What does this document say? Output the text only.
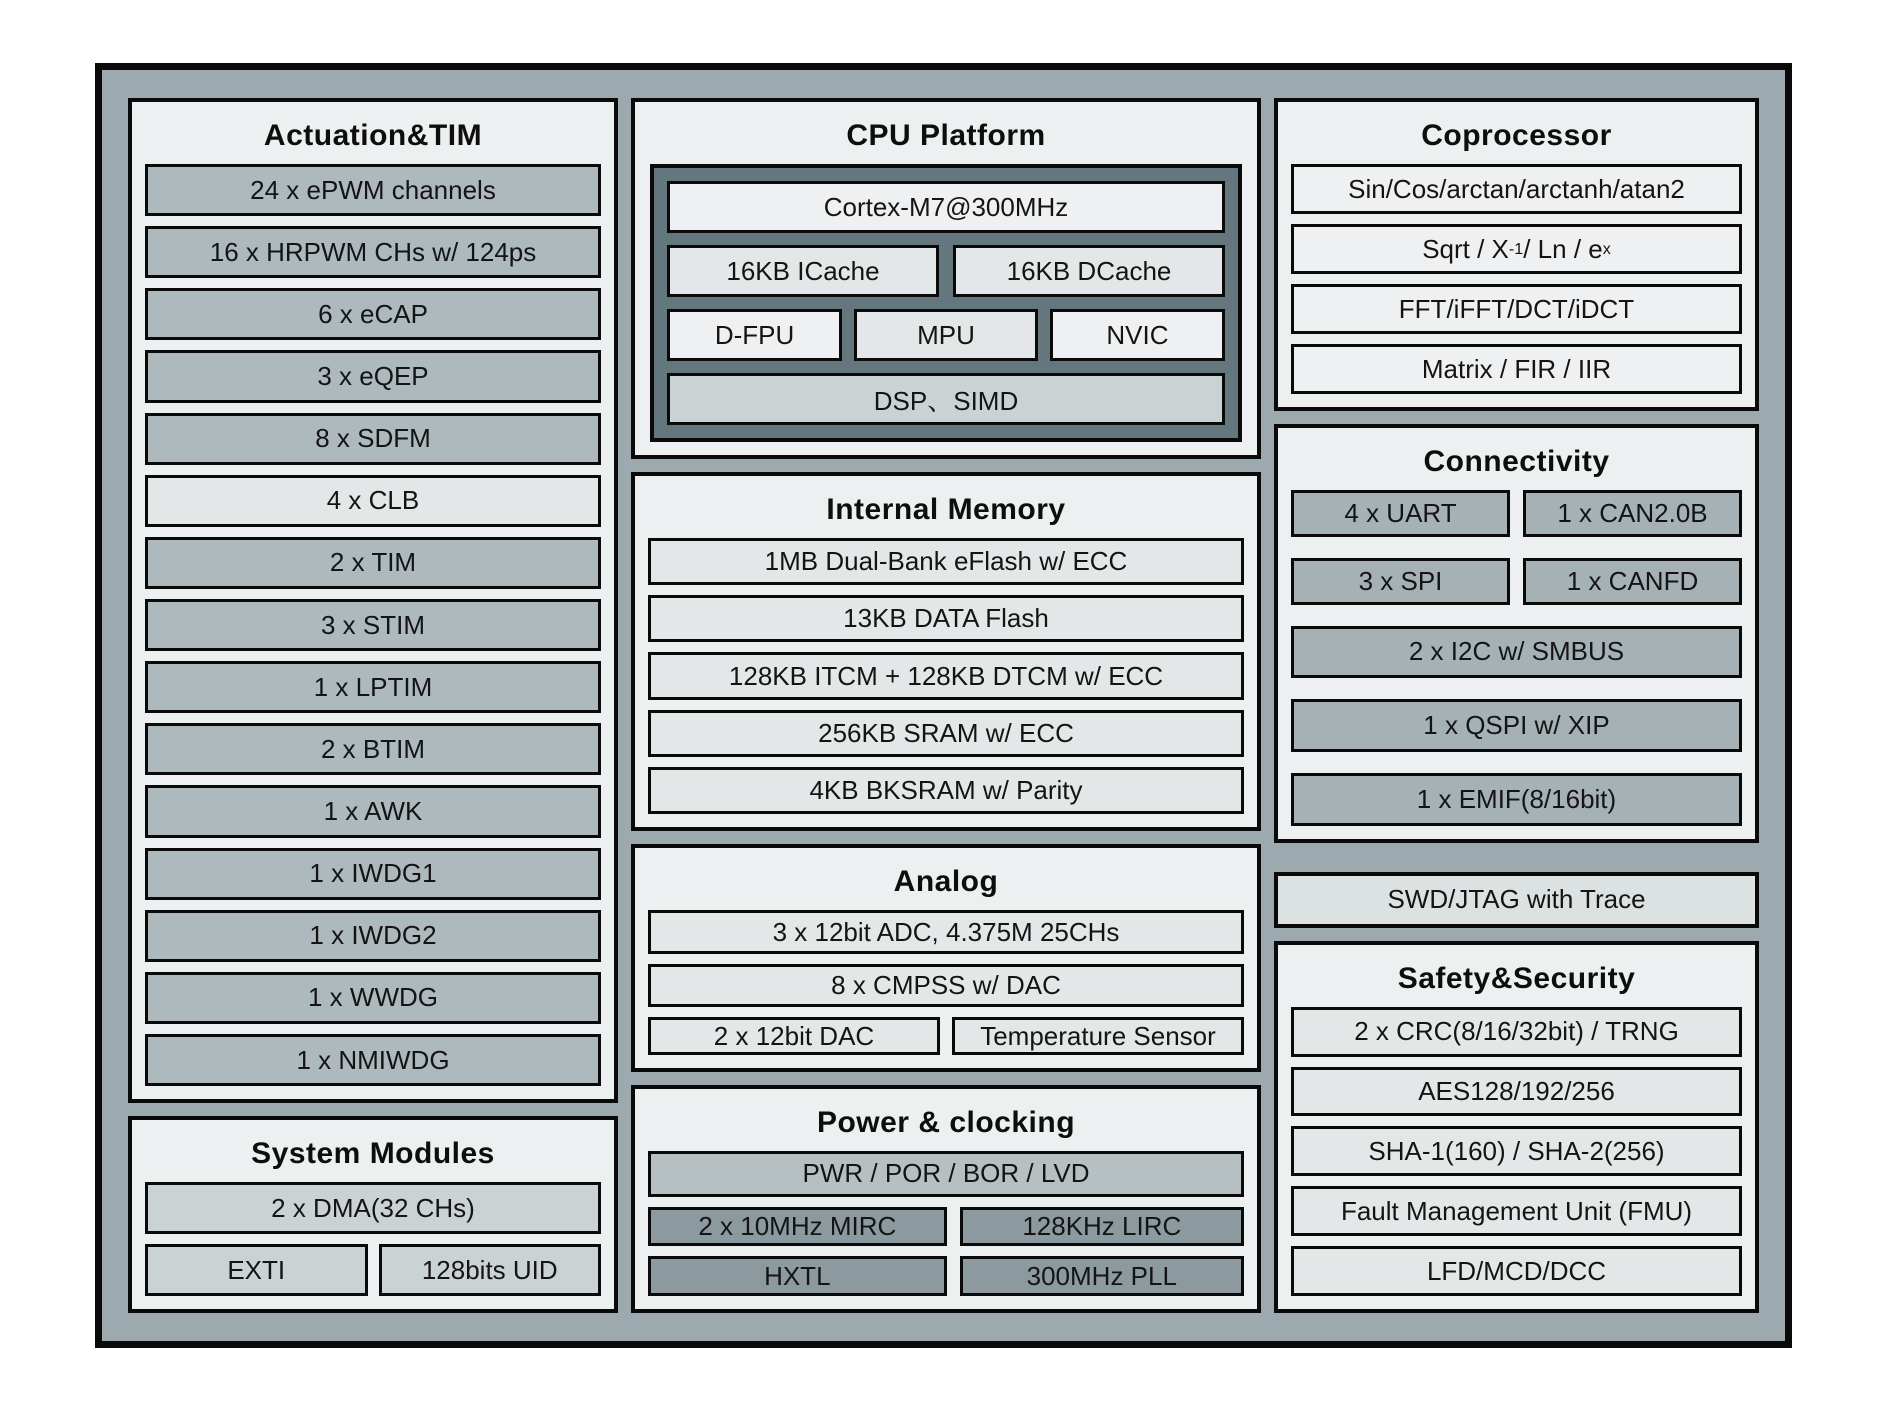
Actuation&TIM
24 x ePWM channels
16 x HRPWM CHs w/ 124ps
6 x eCAP
3 x eQEP
8 x SDFM
4 x CLB
2 x TIM
3 x STIM
1 x LPTIM
2 x BTIM
1 x AWK
1 x IWDG1
1 x IWDG2
1 x WWDG
1 x NMIWDG
System Modules
2 x DMA(32 CHs)
EXTI	128bits UID
CPU Platform
Cortex-M7@300MHz
16KB ICache	16KB DCache
D-FPU	MPU	NVIC
DSP、SIMD
Internal Memory
1MB Dual-Bank eFlash w/ ECC
13KB DATA Flash
128KB ITCM + 128KB DTCM w/ ECC
256KB SRAM w/ ECC
4KB BKSRAM w/ Parity
Analog
3 x 12bit ADC, 4.375M 25CHs
8 x CMPSS w/ DAC
2 x 12bit DAC	Temperature Sensor
Power & clocking
PWR / POR / BOR / LVD
2 x 10MHz MIRC	128KHz LIRC
HXTL	300MHz PLL
Coprocessor
Sin/Cos/arctan/arctanh/atan2
Sqrt / X -1 / Ln / e x
FFT/iFFT/DCT/iDCT
Matrix / FIR / IIR
Connectivity
4 x UART	1 x CAN2.0B
3 x SPI	1 x CANFD
2 x I2C w/ SMBUS
1 x QSPI w/ XIP
1 x EMIF(8/16bit)
SWD/JTAG with Trace
Safety&Security
2 x CRC(8/16/32bit) / TRNG
AES128/192/256
SHA-1(160) / SHA-2(256)
Fault Management Unit (FMU)
LFD/MCD/DCC
